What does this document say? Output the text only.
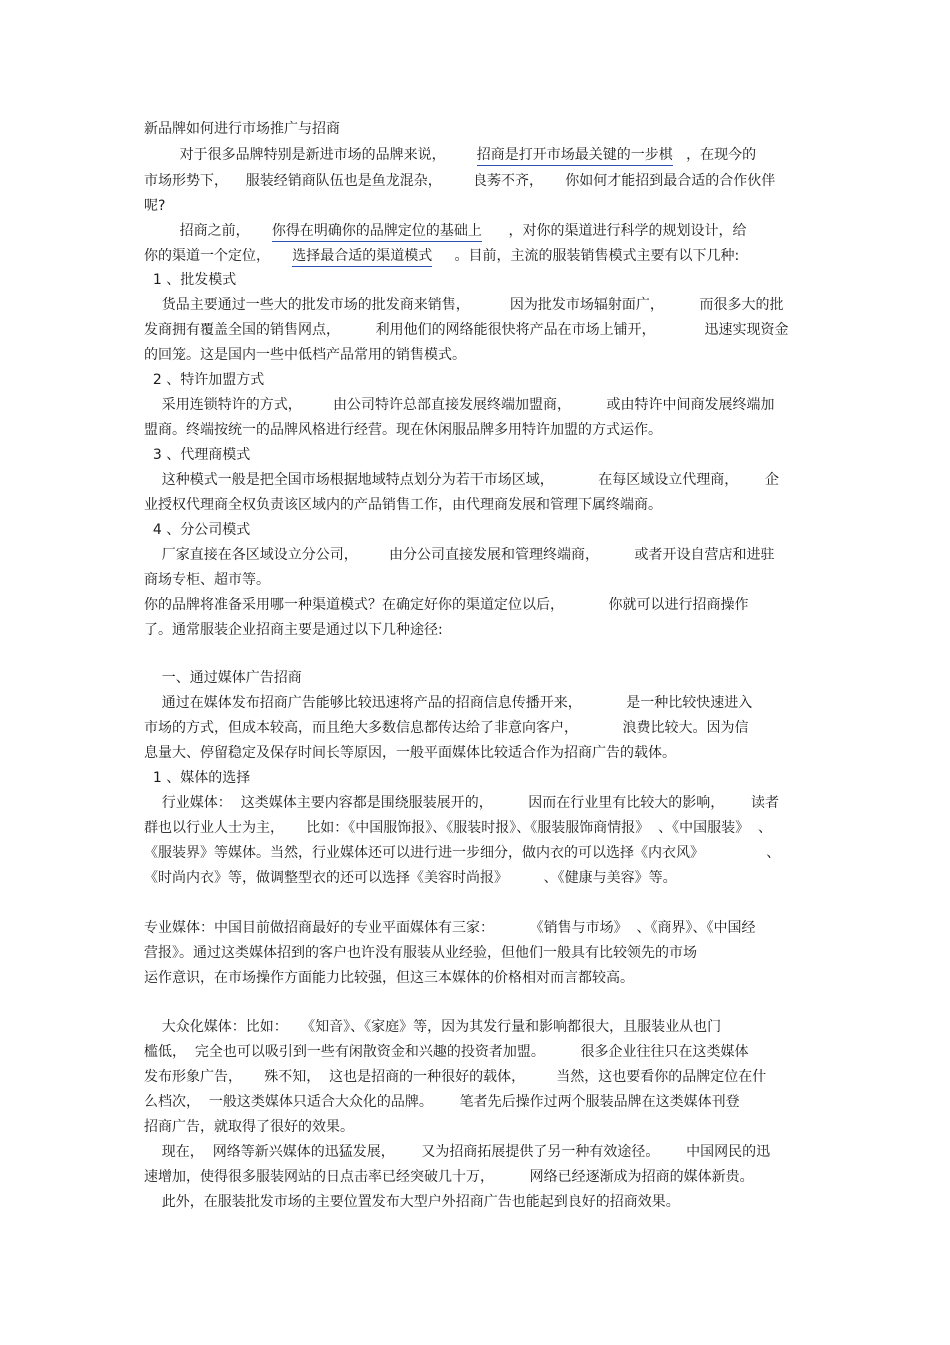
新品牌如何进行市场推广与招商
对于很多品牌特别是新进市场的品牌来说，       招商是打开市场最关键的一步棋   ，在现今的
市场形势下，    服装经销商队伍也是鱼龙混杂，       良莠不齐，     你如何才能招到最合适的合作伙伴
呢?
招商之前，     你得在明确你的品牌定位的基础上      ，对你的渠道进行科学的规划设计，给
你的渠道一个定位，     选择最合适的渠道模式     。目前，主流的服装销售模式主要有以下几种:
1 、批发模式
货品主要通过一些大的批发市场的批发商来销售，         因为批发市场辐射面广，        而很多大的批
发商拥有覆盖全国的销售网点，        利用他们的网络能很快将产品在市场上铺开，           迅速实现资金
的回笼。这是国内一些中低档产品常用的销售模式。
2 、特许加盟方式
采用连锁特许的方式，       由公司特许总部直接发展终端加盟商，        或由特许中间商发展终端加
盟商。终端按统一的品牌风格进行经营。现在休闲服品牌多用特许加盟的方式运作。
3 、代理商模式
这种模式一般是把全国市场根据地域特点划分为若干市场区域，          在每区域设立代理商，      企
业授权代理商全权负责该区域内的产品销售工作，由代理商发展和管理下属终端商。
4 、分公司模式
厂家直接在各区域设立分公司，       由分公司直接发展和管理终端商，        或者开设自营店和进驻
商场专柜、超市等。
你的品牌将准备采用哪一种渠道模式？在确定好你的渠道定位以后，          你就可以进行招商操作
了。通常服装企业招商主要是通过以下几种途径:
一、通过媒体广告招商
通过在媒体发布招商广告能够比较迅速将产品的招商信息传播开来，          是一种比较快速进入
市场的方式，但成本较高，而且绝大多数信息都传达给了非意向客户，          浪费比较大。因为信
息量大、停留稳定及保存时间长等原因，一般平面媒体比较适合作为招商广告的载体。
1 、媒体的选择
行业媒体：  这类媒体主要内容都是围绕服装展开的，        因而在行业里有比较大的影响，      读者
群也以行业人士为主，     比如：《中国服饰报》、《服装时报》、《服装服饰商情报》  、《中国服装》  、
《服装界》等媒体。当然，行业媒体还可以进行进一步细分，做内衣的可以选择《内衣风》              、
《时尚内衣》等，做调整型衣的还可以选择《美容时尚报》        、《健康与美容》等。
专业媒体：中国目前做招商最好的专业平面媒体有三家：        《销售与市场》  、《商界》、《中国经
营报》。通过这类媒体招到的客户也许没有服装从业经验，但他们一般具有比较领先的市场
运作意识，在市场操作方面能力比较强，但这三本媒体的价格相对而言都较高。
大众化媒体：比如：   《知音》、《家庭》等，因为其发行量和影响都很大，且服装业从也门
槛低，  完全也可以吸引到一些有闲散资金和兴趣的投资者加盟。        很多企业往往只在这类媒体
发布形象广告，     殊不知，  这也是招商的一种很好的载体，       当然，这也要看你的品牌定位在什
么档次，  一般这类媒体只适合大众化的品牌。      笔者先后操作过两个服装品牌在这类媒体刊登
招商广告，就取得了很好的效果。
现在，  网络等新兴媒体的迅猛发展，      又为招商拓展提供了另一种有效途径。      中国网民的迅
速增加，使得很多服装网站的日点击率已经突破几十万，        网络已经逐渐成为招商的媒体新贵。
此外，在服装批发市场的主要位置发布大型户外招商广告也能起到良好的招商效果。
